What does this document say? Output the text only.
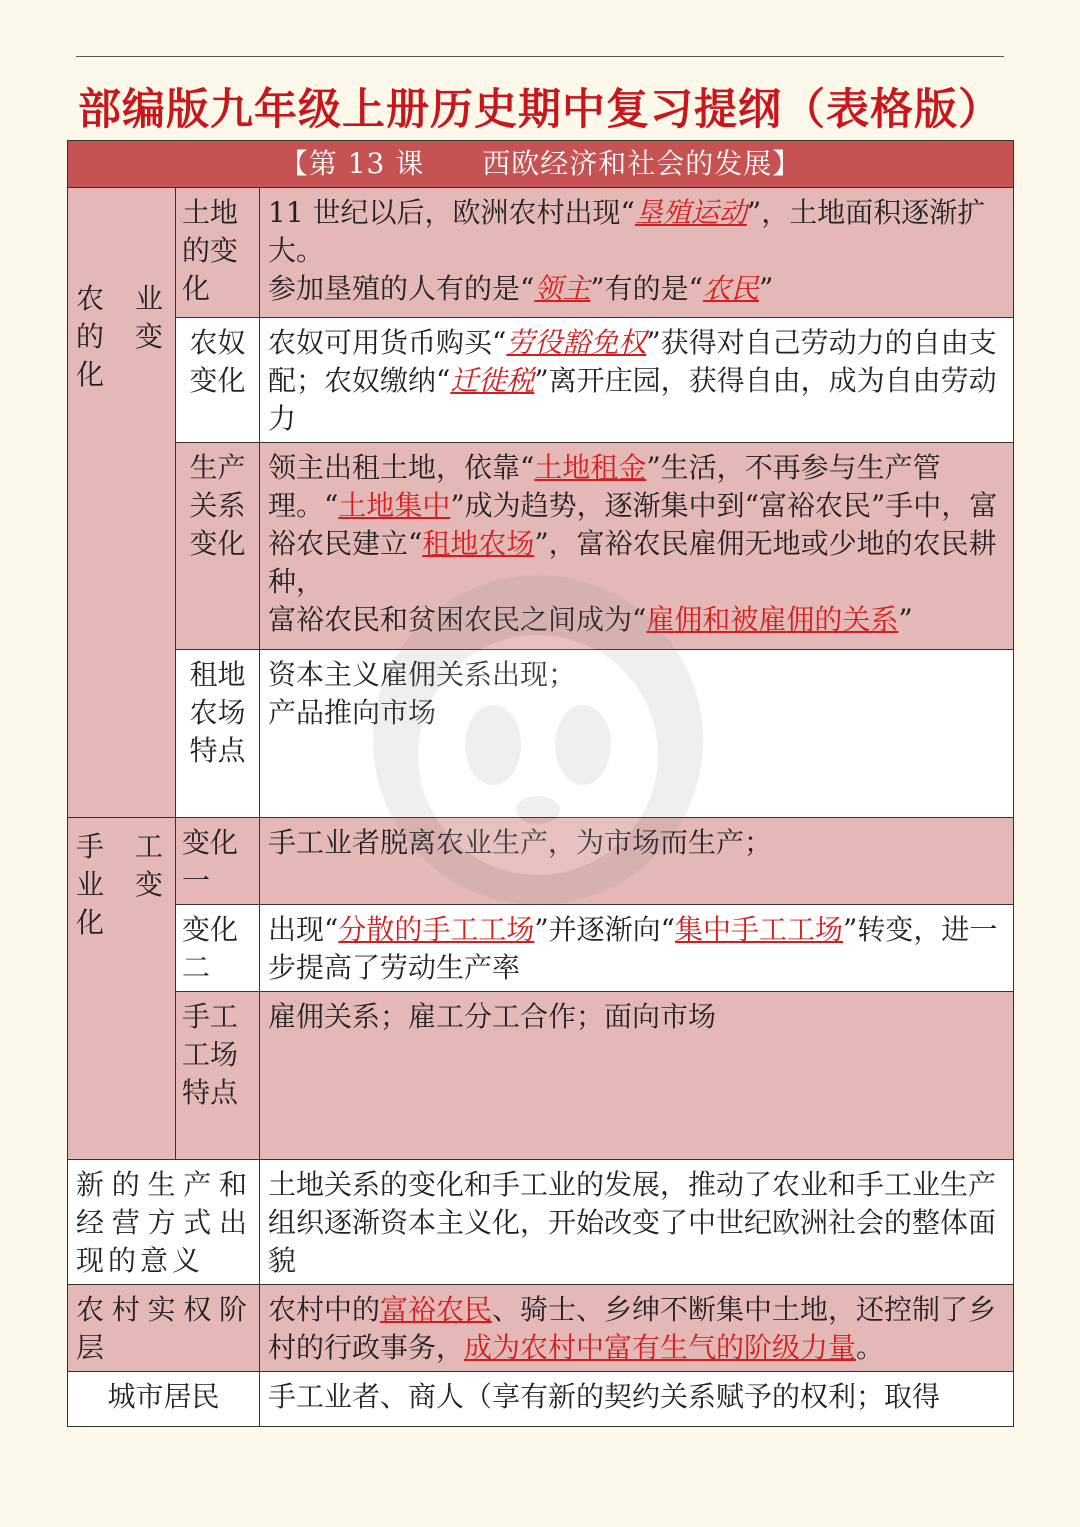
部编版九年级上册历史期中复习提纲（表格版）
【第 13 课　　西欧经济和社会的发展】		
农 业 的 变 化	土地的变化	11 世纪以后，欧洲农村出现“垦殖运动”，土地面积逐渐扩大。
参加垦殖的人有的是“领主”有的是“农民”
	农奴变化	农奴可用货币购买“劳役豁免权”获得对自己劳动力的自由支配；农奴缴纳“迁徙税”离开庄园，获得自由，成为自由劳动力
	生产关系变化	领主出租土地，依靠“土地租金”生活，不再参与生产管理。“土地集中”成为趋势，逐渐集中到“富裕农民”手中，富裕农民建立“租地农场”，富裕农民雇佣无地或少地的农民耕种，
富裕农民和贫困农民之间成为“雇佣和被雇佣的关系”
	租地农场特点	资本主义雇佣关系出现；
产品推向市场
手 工 业 变 化	变化一	手工业者脱离农业生产，为市场而生产；
	变化二	出现“分散的手工工场”并逐渐向“集中手工工场”转变，进一步提高了劳动生产率
	手工工场特点	雇佣关系；雇工分工合作；面向市场
新的生产和经营方式出现的意义		土地关系的变化和手工业的发展，推动了农业和手工业生产组织逐渐资本主义化，开始改变了中世纪欧洲社会的整体面貌
农村实权阶层		农村中的富裕农民、骑士、乡绅不断集中土地，还控制了乡村的行政事务，成为农村中富有生气的阶级力量。
城市居民		手工业者、商人（享有新的契约关系赋予的权利；取得
